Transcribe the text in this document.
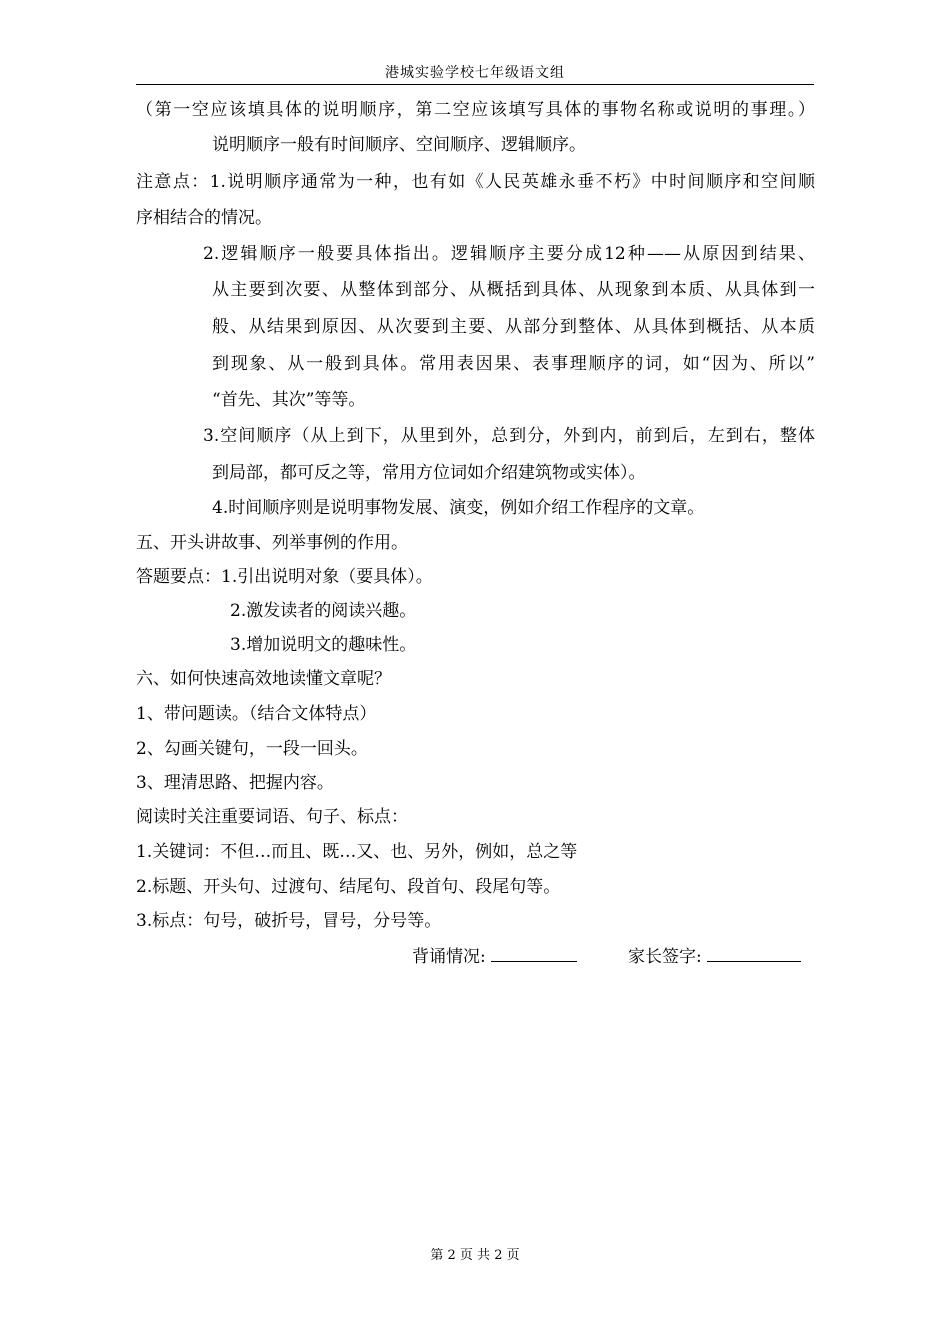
港城实验学校七年级语文组
（第一空应该填具体的说明顺序，第二空应该填写具体的事物名称或说明的事理。）
说明顺序一般有时间顺序、空间顺序、逻辑顺序。
注意点：1.说明顺序通常为一种，也有如《人民英雄永垂不朽》中时间顺序和空间顺
序相结合的情况。
2.逻辑顺序一般要具体指出。逻辑顺序主要分成12种——从原因到结果、
从主要到次要、从整体到部分、从概括到具体、从现象到本质、从具体到一
般、从结果到原因、从次要到主要、从部分到整体、从具体到概括、从本质
到现象、从一般到具体。常用表因果、表事理顺序的词，如“因为、所以”
“首先、其次”等等。
3.空间顺序（从上到下，从里到外，总到分，外到内，前到后，左到右，整体
到局部，都可反之等，常用方位词如介绍建筑物或实体）。
4.时间顺序则是说明事物发展、演变，例如介绍工作程序的文章。
五、开头讲故事、列举事例的作用。
答题要点：1.引出说明对象（要具体）。
2.激发读者的阅读兴趣。
3.增加说明文的趣味性。
六、如何快速高效地读懂文章呢？
1、带问题读。（结合文体特点）
2、勾画关键句，一段一回头。
3、理清思路、把握内容。
阅读时关注重要词语、句子、标点：
1.关键词：不但…而且、既…又、也、另外，例如，总之等
2.标题、开头句、过渡句、结尾句、段首句、段尾句等。
3.标点：句号，破折号，冒号，分号等。
背诵情况:	家长签字:
第 2 页 共 2 页
